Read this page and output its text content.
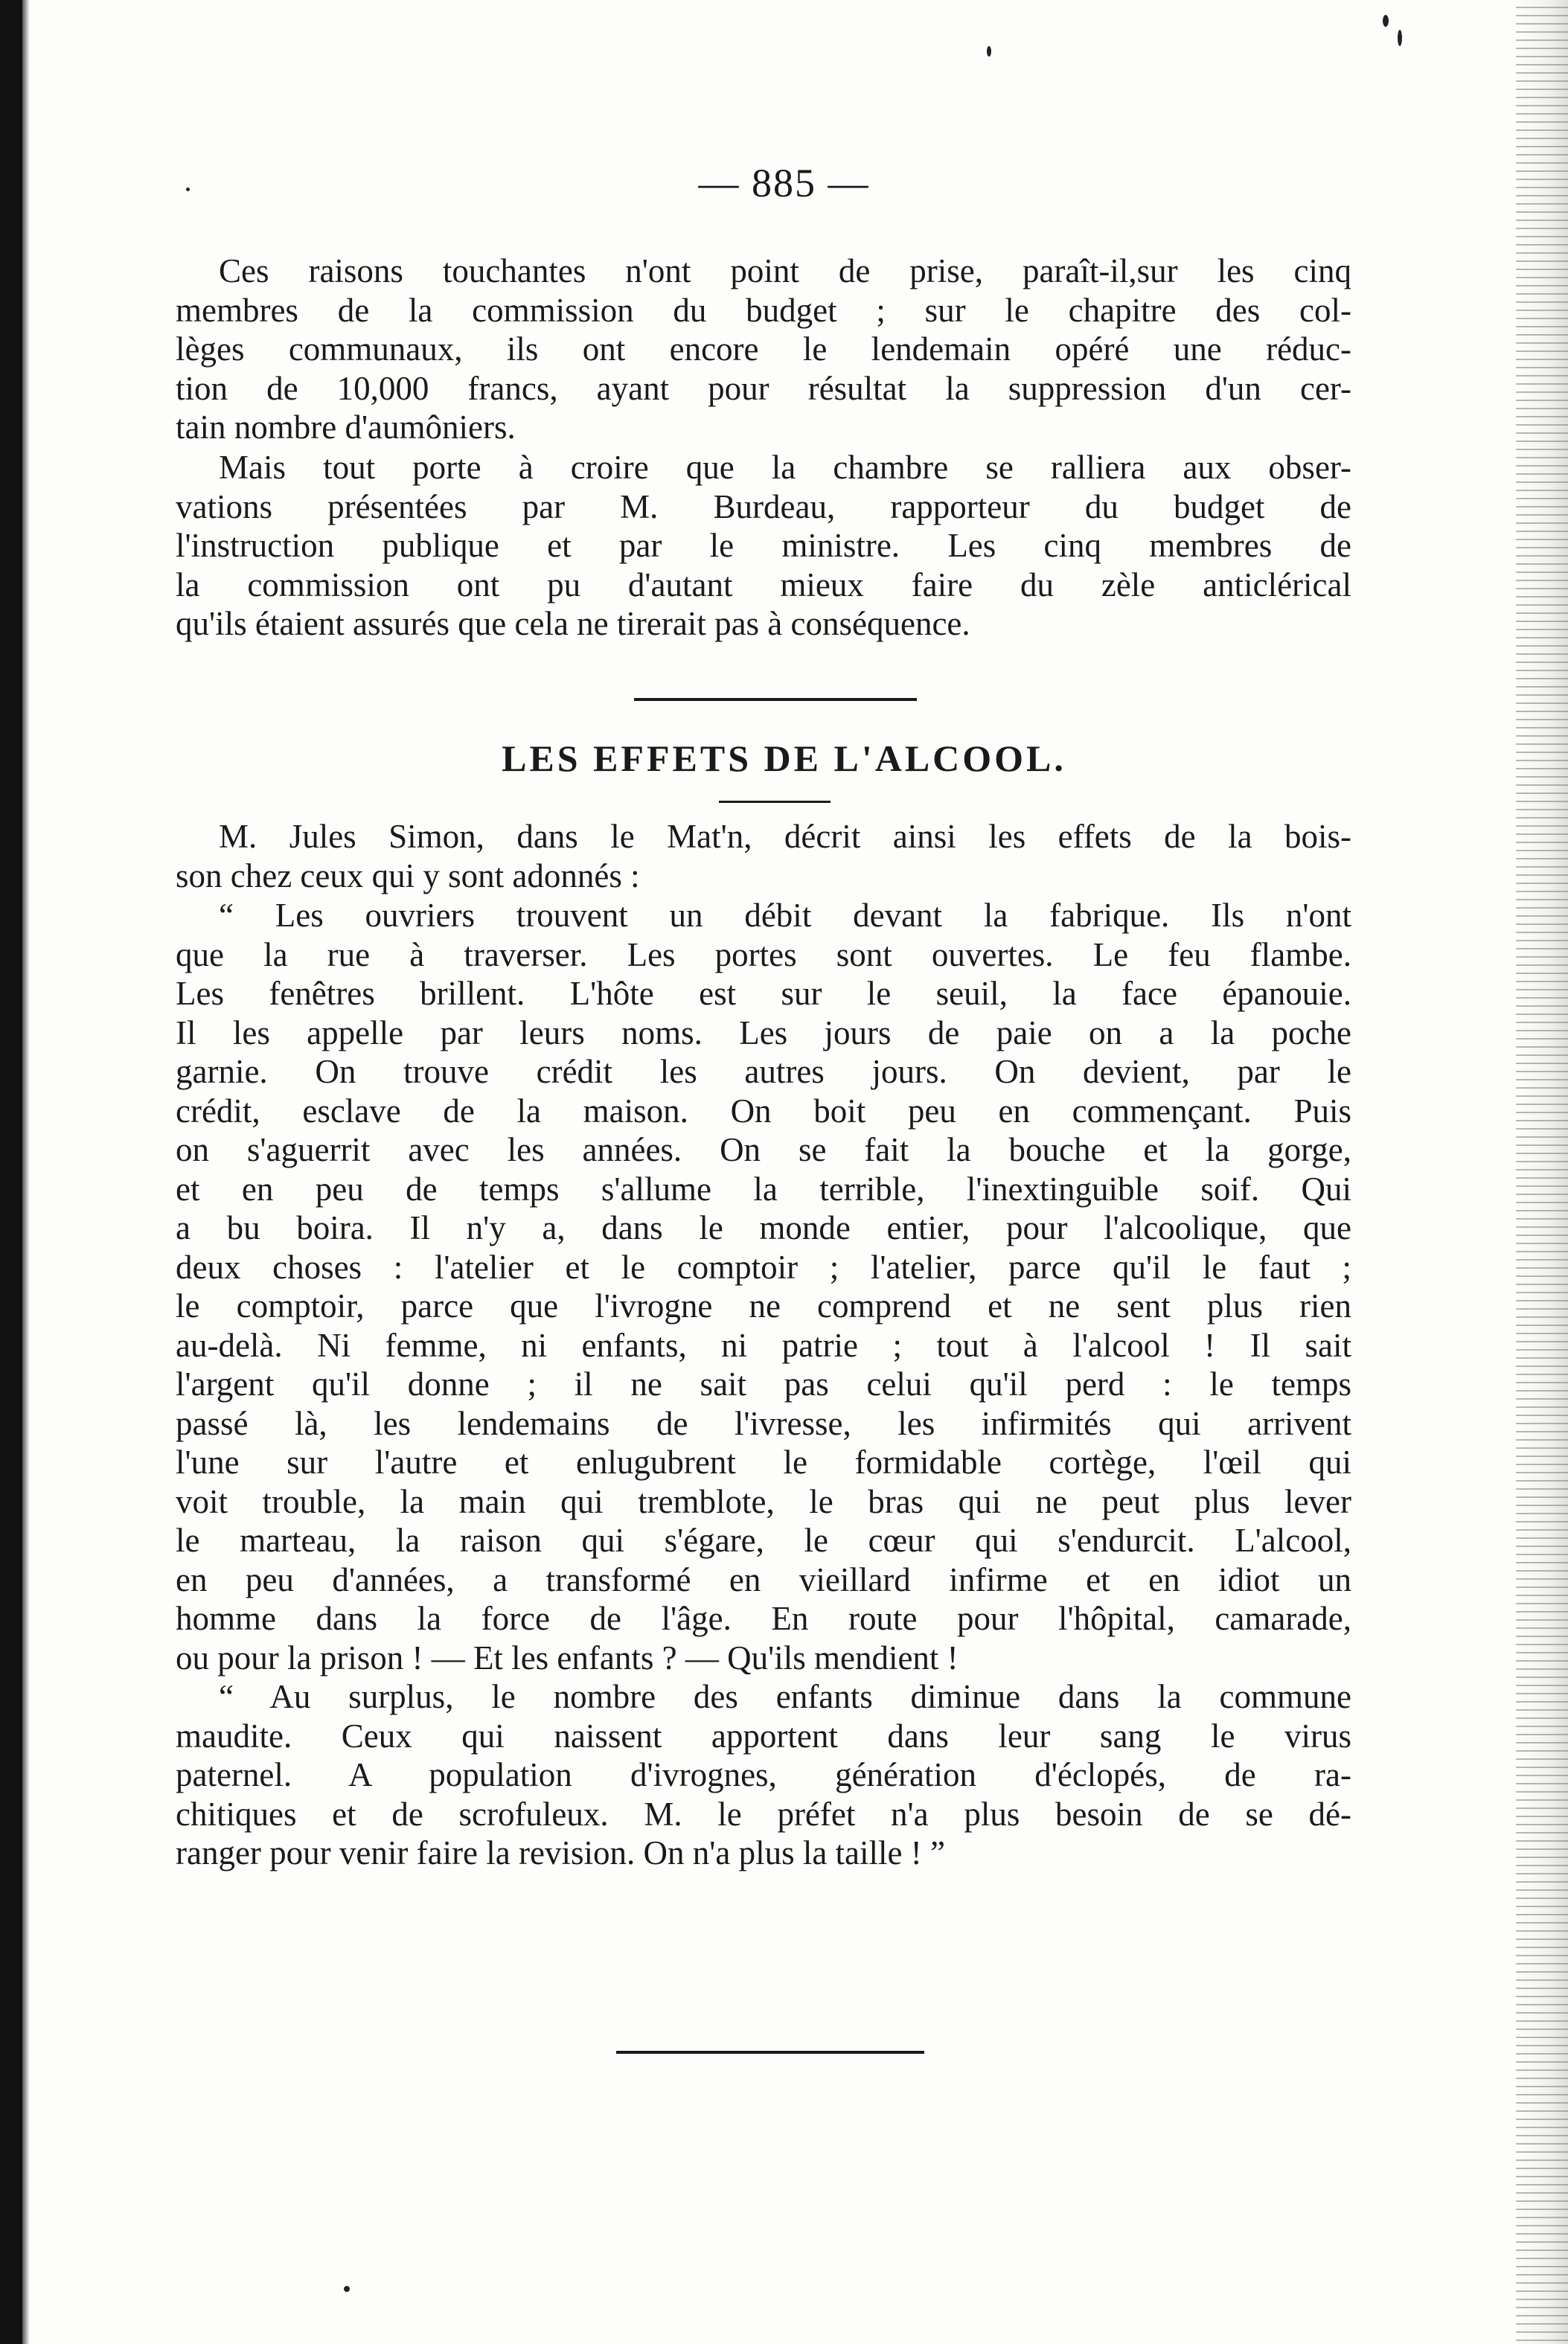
— 885 —
Ces raisons touchantes n'ont point de prise, paraît-il,sur les cinq
membres de la commission du budget ; sur le chapitre des col-
lèges communaux, ils ont encore le lendemain opéré une réduc-
tion de 10,000 francs, ayant pour résultat la suppression d'un cer-
tain nombre d'aumôniers.
Mais tout porte à croire que la chambre se ralliera aux obser-
vations présentées par M. Burdeau, rapporteur du budget de
l'instruction publique et par le ministre. Les cinq membres de
la commission ont pu d'autant mieux faire du zèle anticlérical
qu'ils étaient assurés que cela ne tirerait pas à conséquence.
LES EFFETS DE L'ALCOOL.
M. Jules Simon, dans le Mat'n, décrit ainsi les effets de la bois-
son chez ceux qui y sont adonnés :
“ Les ouvriers trouvent un débit devant la fabrique. Ils n'ont
que la rue à traverser. Les portes sont ouvertes. Le feu flambe.
Les fenêtres brillent. L'hôte est sur le seuil, la face épanouie.
Il les appelle par leurs noms. Les jours de paie on a la poche
garnie. On trouve crédit les autres jours. On devient, par le
crédit, esclave de la maison. On boit peu en commençant. Puis
on s'aguerrit avec les années. On se fait la bouche et la gorge,
et en peu de temps s'allume la terrible, l'inextinguible soif. Qui
a bu boira. Il n'y a, dans le monde entier, pour l'alcoolique, que
deux choses : l'atelier et le comptoir ; l'atelier, parce qu'il le faut ;
le comptoir, parce que l'ivrogne ne comprend et ne sent plus rien
au-delà. Ni femme, ni enfants, ni patrie ; tout à l'alcool ! Il sait
l'argent qu'il donne ; il ne sait pas celui qu'il perd : le temps
passé là, les lendemains de l'ivresse, les infirmités qui arrivent
l'une sur l'autre et enlugubrent le formidable cortège, l'œil qui
voit trouble, la main qui tremblote, le bras qui ne peut plus lever
le marteau, la raison qui s'égare, le cœur qui s'endurcit. L'alcool,
en peu d'années, a transformé en vieillard infirme et en idiot un
homme dans la force de l'âge. En route pour l'hôpital, camarade,
ou pour la prison ! — Et les enfants ? — Qu'ils mendient !
“ Au surplus, le nombre des enfants diminue dans la commune
maudite. Ceux qui naissent apportent dans leur sang le virus
paternel. A population d'ivrognes, génération d'éclopés, de ra-
chitiques et de scrofuleux. M. le préfet n'a plus besoin de se dé-
ranger pour venir faire la revision. On n'a plus la taille ! ”
